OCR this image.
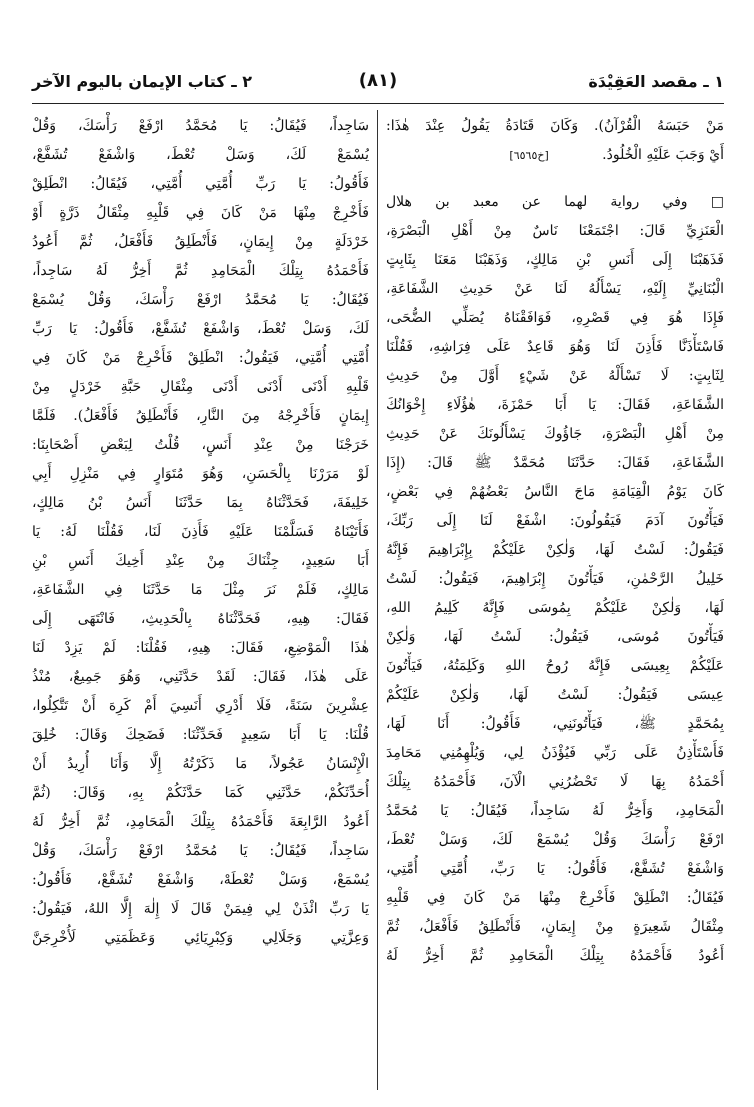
١ ـ مقصد العَقِيْدَة
(٨١)
٢ ـ كتاب الإيمان باليوم الآخر
مَنْ حَبَسَهُ الْقُرْآنُ). وَكَانَ قَتَادَةُ يَقُولُ عِنْدَ هٰذَا:
أَيْ وَجَبَ عَلَيْهِ الْخُلُودُ.            [خ٦٥٦٥]
□ وفي رواية لهما عن معبد بن هلال
الْعَنَزِيِّ قَالَ: اجْتَمَعْنَا نَاسٌ مِنْ أَهْلِ الْبَصْرَةِ،
فَذَهَبْنَا إِلَى أَنَسِ بْنِ مَالِكٍ، وَذَهَبْنَا مَعَنَا بِثَابِتٍ
الْبُنَانِيِّ إِلَيْهِ، يَسْأَلُهُ لَنَا عَنْ حَدِيثِ الشَّفَاعَةِ،
فَإِذَا هُوَ فِي قَصْرِهِ، فَوَافَقْنَاهُ يُصَلِّي الضُّحَى،
فَاسْتَأْذَنَّا فَأَذِنَ لَنَا وَهُوَ قَاعِدٌ عَلَى فِرَاشِهِ، فَقُلْنَا
لِثَابِتٍ: لَا تَسْأَلْهُ عَنْ شَيْءٍ أَوَّلَ مِنْ حَدِيثِ
الشَّفَاعَةِ، فَقَالَ: يَا أَبَا حَمْزَةَ، هٰؤُلَاءِ إِخْوَانُكَ
مِنْ أَهْلِ الْبَصْرَةِ، جَاؤُوكَ يَسْأَلُونَكَ عَنْ حَدِيثِ
الشَّفَاعَةِ، فَقَالَ: حَدَّثَنَا مُحَمَّدٌ ﷺ قَالَ: (إِذَا
كَانَ يَوْمُ الْقِيَامَةِ مَاجَ النَّاسُ بَعْضُهُمْ فِي بَعْضٍ،
فَيَأْتُونَ آدَمَ فَيَقُولُونَ: اشْفَعْ لَنَا إِلَى رَبِّكَ،
فَيَقُولُ: لَسْتُ لَهَا، وَلٰكِنْ عَلَيْكُمْ بِإِبْرَاهِيمَ فَإِنَّهُ
خَلِيلُ الرَّحْمٰنِ، فَيَأْتُونَ إِبْرَاهِيمَ، فَيَقُولُ: لَسْتُ
لَهَا، وَلٰكِنْ عَلَيْكُمْ بِمُوسَى فَإِنَّهُ كَلِيمُ اللهِ،
فَيَأْتُونَ مُوسَى، فَيَقُولُ: لَسْتُ لَهَا، وَلٰكِنْ
عَلَيْكُمْ بِعِيسَى فَإِنَّهُ رُوحُ اللهِ وَكَلِمَتُهُ، فَيَأْتُونَ
عِيسَى فَيَقُولُ: لَسْتُ لَهَا، وَلٰكِنْ عَلَيْكُمْ
بِمُحَمَّدٍ ﷺ، فَيَأْتُونَنِي، فَأَقُولُ: أَنَا لَهَا،
فَأَسْتَأْذِنُ عَلَى رَبِّي فَيُؤْذَنُ لِي، وَيُلْهِمُنِي مَحَامِدَ
أَحْمَدُهُ بِهَا لَا تَحْضُرُنِي الْآنَ، فَأَحْمَدُهُ بِتِلْكَ
الْمَحَامِدِ، وَأَخِرُّ لَهُ سَاجِداً، فَيُقَالُ: يَا مُحَمَّدُ
ارْفَعْ رَأْسَكَ وَقُلْ يُسْمَعْ لَكَ، وَسَلْ تُعْطَ،
وَاشْفَعْ تُشَفَّعْ، فَأَقُولُ: يَا رَبِّ، أُمَّتِي أُمَّتِي،
فَيُقَالُ: انْطَلِقْ فَأَخْرِجْ مِنْهَا مَنْ كَانَ فِي قَلْبِهِ
مِثْقَالُ شَعِيرَةٍ مِنْ إِيمَانٍ، فَأَنْطَلِقُ فَأَفْعَلُ، ثُمَّ
أَعُودُ فَأَحْمَدُهُ بِتِلْكَ الْمَحَامِدِ ثُمَّ أَخِرُّ لَهُ
سَاجِداً، فَيُقَالُ: يَا مُحَمَّدُ ارْفَعْ رَأْسَكَ، وَقُلْ
يُسْمَعْ لَكَ، وَسَلْ تُعْطَ، وَاشْفَعْ تُشَفَّعْ،
فَأَقُولُ: يَا رَبِّ أُمَّتِي أُمَّتِي، فَيُقَالُ: انْطَلِقْ
فَأَخْرِجْ مِنْهَا مَنْ كَانَ فِي قَلْبِهِ مِثْقَالُ ذَرَّةٍ أَوْ
خَرْدَلَةٍ مِنْ إِيمَانٍ، فَأَنْطَلِقُ فَأَفْعَلُ، ثُمَّ أَعُودُ
فَأَحْمَدُهُ بِتِلْكَ الْمَحَامِدِ ثُمَّ أَخِرُّ لَهُ سَاجِداً،
فَيُقَالُ: يَا مُحَمَّدُ ارْفَعْ رَأْسَكَ، وَقُلْ يُسْمَعْ
لَكَ، وَسَلْ تُعْطَ، وَاشْفَعْ تُشَفَّعْ، فَأَقُولُ: يَا رَبِّ
أُمَّتِي أُمَّتِي، فَيَقُولُ: انْطَلِقْ فَأَخْرِجْ مَنْ كَانَ فِي
قَلْبِهِ أَدْنَى أَدْنَى أَدْنَى مِثْقَالِ حَبَّةِ خَرْدَلٍ مِنْ
إِيمَانٍ فَأَخْرِجْهُ مِنَ النَّارِ، فَأَنْطَلِقُ فَأَفْعَلُ). فَلَمَّا
خَرَجْنَا مِنْ عِنْدِ أَنَسٍ، قُلْتُ لِبَعْضِ أَصْحَابِنَا:
لَوْ مَرَرْنَا بِالْحَسَنِ، وَهُوَ مُتَوَارٍ فِي مَنْزِلِ أَبِي
خَلِيفَةَ، فَحَدَّثْنَاهُ بِمَا حَدَّثَنَا أَنَسُ بْنُ مَالِكٍ،
فَأَتَيْنَاهُ فَسَلَّمْنَا عَلَيْهِ فَأَذِنَ لَنَا، فَقُلْنَا لَهُ: يَا
أَبَا سَعِيدٍ، جِئْنَاكَ مِنْ عِنْدِ أَخِيكَ أَنَسِ بْنِ
مَالِكٍ، فَلَمْ نَرَ مِثْلَ مَا حَدَّثَنَا فِي الشَّفَاعَةِ،
فَقَالَ: هِيهِ، فَحَدَّثْنَاهُ بِالْحَدِيثِ، فَانْتَهَى إِلَى
هٰذَا الْمَوْضِعِ، فَقَالَ: هِيهِ، فَقُلْنَا: لَمْ يَزِدْ لَنَا
عَلَى هٰذَا، فَقَالَ: لَقَدْ حَدَّثَنِي، وَهُوَ جَمِيعٌ، مُنْذُ
عِشْرِينَ سَنَةً، فَلَا أَدْرِي أَنَسِيَ أَمْ كَرِهَ أَنْ تَتَّكِلُوا،
قُلْنَا: يَا أَبَا سَعِيدٍ فَحَدِّثْنَا: فَضَحِكَ وَقَالَ: خُلِقَ
الْإِنْسَانُ عَجُولاً، مَا ذَكَرْتُهُ إِلَّا وَأَنَا أُرِيدُ أَنْ
أُحَدِّثَكُمْ، حَدَّثَنِي كَمَا حَدَّثَكُمْ بِهِ، وَقَالَ: (ثُمَّ
أَعُودُ الرَّابِعَةَ فَأَحْمَدُهُ بِتِلْكَ الْمَحَامِدِ، ثُمَّ أَخِرُّ لَهُ
سَاجِداً، فَيُقَالُ: يَا مُحَمَّدُ ارْفَعْ رَأْسَكَ، وَقُلْ
يُسْمَعْ، وَسَلْ تُعْطَهْ، وَاشْفَعْ تُشَفَّعْ، فَأَقُولُ:
يَا رَبِّ ائْذَنْ لِي فِيمَنْ قَالَ لَا إِلٰهَ إِلَّا اللهُ، فَيَقُولُ:
وَعِزَّتِي وَجَلَالِي وَكِبْرِيَائِي وَعَظَمَتِي لَأُخْرِجَنَّ
